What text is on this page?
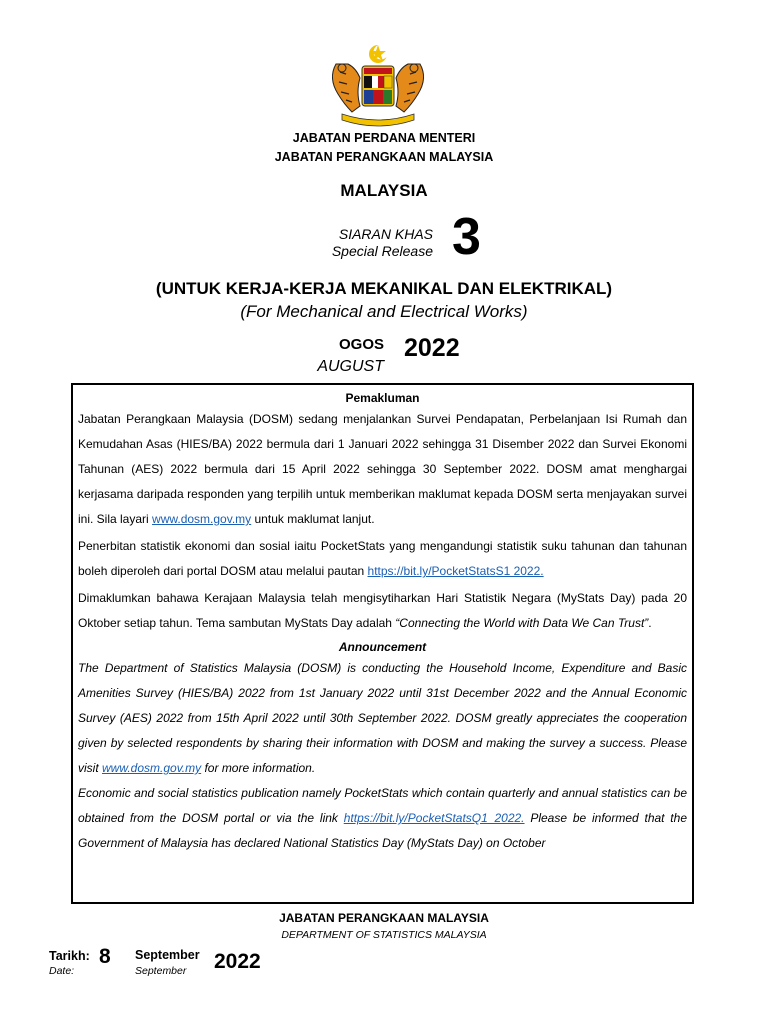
JABATAN PERDANA MENTERI
JABATAN PERANGKAAN MALAYSIA
MALAYSIA
SIARAN KHAS
Special Release 3
(UNTUK KERJA-KERJA MEKANIKAL DAN ELEKTRIKAL)
(For Mechanical and Electrical Works)
OGOS
AUGUST
2022

Pemakluman

Jabatan Perangkaan Malaysia (DOSM) sedang menjalankan Survei Pendapatan, Perbelanjaan Isi Rumah dan Kemudahan Asas (HIES/BA) 2022 bermula dari 1 Januari 2022 sehingga 31 Disember 2022 dan Survei Ekonomi Tahunan (AES) 2022 bermula dari 15 April 2022 sehingga 30 September 2022. DOSM amat menghargai kerjasama daripada responden yang terpilih untuk memberikan maklumat kepada DOSM serta menjayakan survei ini. Sila layari www.dosm.gov.my untuk maklumat lanjut.

Penerbitan statistik ekonomi dan sosial iaitu PocketStats yang mengandungi statistik suku tahunan dan tahunan boleh diperoleh dari portal DOSM atau melalui pautan https://bit.ly/PocketStatsS1 2022.

Dimaklumkan bahawa Kerajaan Malaysia telah mengisytiharkan Hari Statistik Negara (MyStats Day) pada 20 Oktober setiap tahun. Tema sambutan MyStats Day adalah “Connecting the World with Data We Can Trust”.

Announcement

The Department of Statistics Malaysia (DOSM) is conducting the Household Income, Expenditure and Basic Amenities Survey (HIES/BA) 2022 from 1st January 2022 until 31st December 2022 and the Annual Economic Survey (AES) 2022 from 15th April 2022 until 30th September 2022. DOSM greatly appreciates the cooperation given by selected respondents by sharing their information with DOSM and making the survey a success. Please visit www.dosm.gov.my for more information.

Economic and social statistics publication namely PocketStats which contain quarterly and annual statistics can be obtained from the DOSM portal or via the link https://bit.ly/PocketStatsQ1_2022. Please be informed that the Government of Malaysia has declared National Statistics Day (MyStats Day) on October

JABATAN PERANGKAAN MALAYSIA
DEPARTMENT OF STATISTICS MALAYSIA
Tarikh:
Date:
8 September
September 2022
